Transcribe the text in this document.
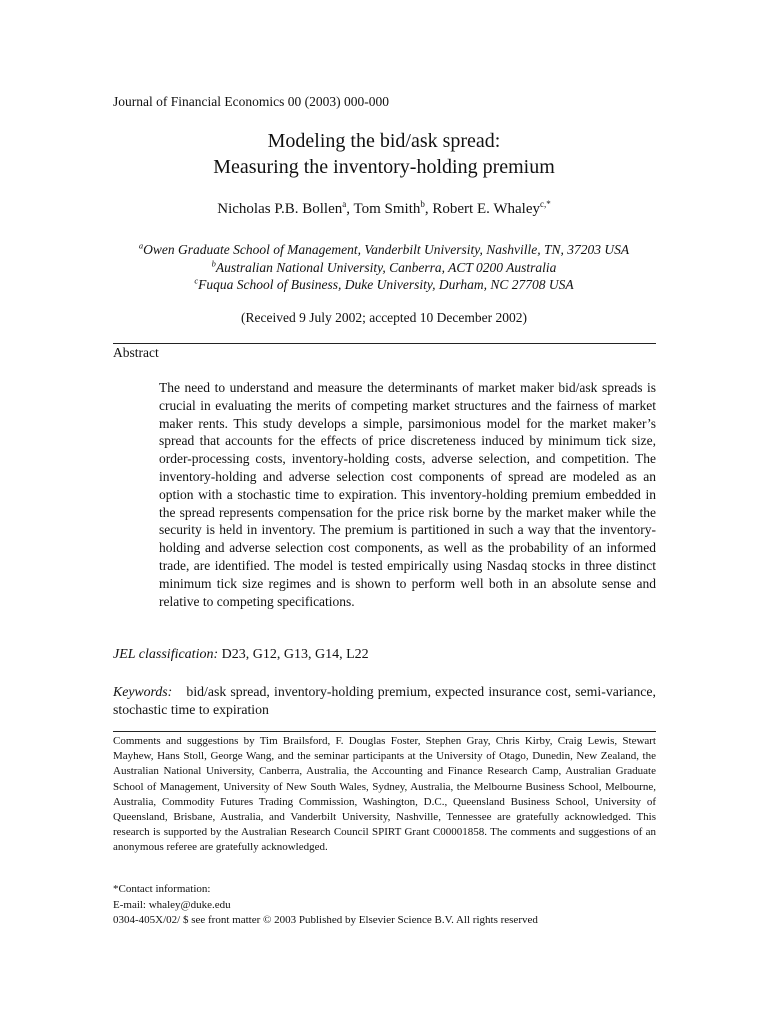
Journal of Financial Economics 00 (2003) 000-000
Modeling the bid/ask spread:
Measuring the inventory-holding premium
Nicholas P.B. Bollen$^a$, Tom Smith$^b$, Robert E. Whaley$^{c,*}$
$^a$Owen Graduate School of Management, Vanderbilt University, Nashville, TN, 37203 USA
$^b$Australian National University, Canberra, ACT 0200 Australia
$^c$Fuqua School of Business, Duke University, Durham, NC 27708 USA
(Received 9 July 2002; accepted 10 December 2002)
Abstract
The need to understand and measure the determinants of market maker bid/ask spreads is crucial in evaluating the merits of competing market structures and the fairness of market maker rents. This study develops a simple, parsimonious model for the market maker’s spread that accounts for the effects of price discreteness induced by minimum tick size, order-processing costs, inventory-holding costs, adverse selection, and competition. The inventory-holding and adverse selection cost components of spread are modeled as an option with a stochastic time to expiration. This inventory-holding premium embedded in the spread represents compensation for the price risk borne by the market maker while the security is held in inventory. The premium is partitioned in such a way that the inventory-holding and adverse selection cost components, as well as the probability of an informed trade, are identified. The model is tested empirically using Nasdaq stocks in three distinct minimum tick size regimes and is shown to perform well both in an absolute sense and relative to competing specifications.
JEL classification: D23, G12, G13, G14, L22
Keywords: bid/ask spread, inventory-holding premium, expected insurance cost, semi-variance, stochastic time to expiration
Comments and suggestions by Tim Brailsford, F. Douglas Foster, Stephen Gray, Chris Kirby, Craig Lewis, Stewart Mayhew, Hans Stoll, George Wang, and the seminar participants at the University of Otago, Dunedin, New Zealand, the Australian National University, Canberra, Australia, the Accounting and Finance Research Camp, Australian Graduate School of Management, University of New South Wales, Sydney, Australia, the Melbourne Business School, Melbourne, Australia, Commodity Futures Trading Commission, Washington, D.C., Queensland Business School, University of Queensland, Brisbane, Australia, and Vanderbilt University, Nashville, Tennessee are gratefully acknowledged. This research is supported by the Australian Research Council SPIRT Grant C00001858. The comments and suggestions of an anonymous referee are gratefully acknowledged.
*Contact information:
E-mail: whaley@duke.edu
0304-405X/02/ $ see front matter © 2003 Published by Elsevier Science B.V. All rights reserved
